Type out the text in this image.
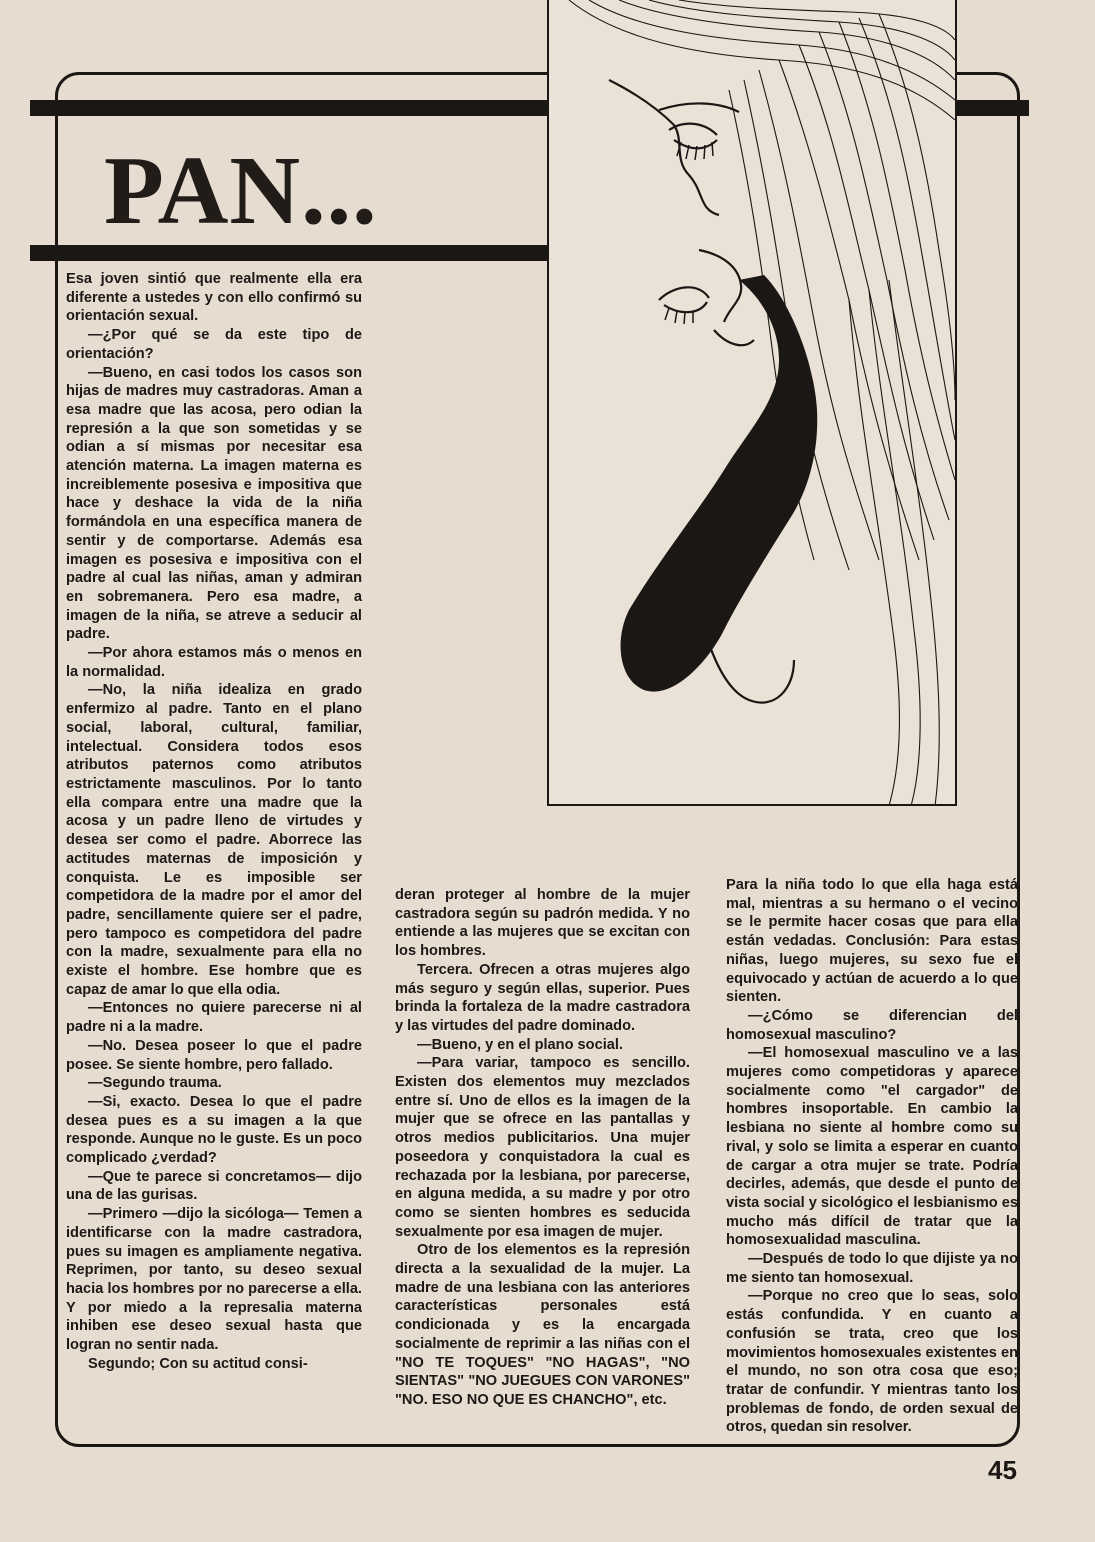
PAN...

Esa joven sintió que realmente ella era diferente a ustedes y con ello confirmó su orientación sexual.

—¿Por qué se da este tipo de orientación?

—Bueno, en casi todos los casos son hijas de madres muy castradoras. Aman a esa madre que las acosa, pero odian la represión a la que son sometidas y se odian a sí mismas por necesitar esa atención materna. La imagen materna es increiblemente posesiva e impositiva que hace y deshace la vida de la niña formándola en una específica manera de sentir y de comportarse. Además esa imagen es posesiva e impositiva con el padre al cual las niñas, aman y admiran en sobremanera. Pero esa madre, a imagen de la niña, se atreve a seducir al padre.

—Por ahora estamos más o menos en la normalidad.

—No, la niña idealiza en grado enfermizo al padre. Tanto en el plano social, laboral, cultural, familiar, intelectual. Considera todos esos atributos paternos como atributos estrictamente masculinos. Por lo tanto ella compara entre una madre que la acosa y un padre lleno de virtudes y desea ser como el padre. Aborrece las actitudes maternas de imposición y conquista. Le es imposible ser competidora de la madre por el amor del padre, sencillamente quiere ser el padre, pero tampoco es competidora del padre con la madre, sexualmente para ella no existe el hombre. Ese hombre que es capaz de amar lo que ella odia.

—Entonces no quiere parecerse ni al padre ni a la madre.

—No. Desea poseer lo que el padre posee. Se siente hombre, pero fallado.

—Segundo trauma.

—Si, exacto. Desea lo que el padre desea pues es a su imagen a la que responde. Aunque no le guste. Es un poco complicado ¿verdad?

—Que te parece si concretamos— dijo una de las gurisas.

—Primero —dijo la sicóloga— Temen a identificarse con la madre castradora, pues su imagen es ampliamente negativa. Reprimen, por tanto, su deseo sexual hacia los hombres por no parecerse a ella. Y por miedo a la represalia materna inhiben ese deseo sexual hasta que logran no sentir nada.

Segundo; Con su actitud consi-

deran proteger al hombre de la mujer castradora según su padrón medida. Y no entiende a las mujeres que se excitan con los hombres.

Tercera. Ofrecen a otras mujeres algo más seguro y según ellas, superior. Pues brinda la fortaleza de la madre castradora y las virtudes del padre dominado.

—Bueno, y en el plano social.

—Para variar, tampoco es sencillo. Existen dos elementos muy mezclados entre sí. Uno de ellos es la imagen de la mujer que se ofrece en las pantallas y otros medios publicitarios. Una mujer poseedora y conquistadora la cual es rechazada por la lesbiana, por parecerse, en alguna medida, a su madre y por otro como se sienten hombres es seducida sexualmente por esa imagen de mujer.

Otro de los elementos es la represión directa a la sexualidad de la mujer. La madre de una lesbiana con las anteriores características personales está condicionada y es la encargada socialmente de reprimir a las niñas con el "NO TE TOQUES" "NO HAGAS", "NO SIENTAS" "NO JUEGUES CON VARONES" "NO. ESO NO QUE ES CHANCHO", etc.

Para la niña todo lo que ella haga está mal, mientras a su hermano o el vecino se le permite hacer cosas que para ella están vedadas. Conclusión: Para estas niñas, luego mujeres, su sexo fue el equivocado y actúan de acuerdo a lo que sienten.

—¿Cómo se diferencian del homosexual masculino?

—El homosexual masculino ve a las mujeres como competidoras y aparece socialmente como "el cargador" de hombres insoportable. En cambio la lesbiana no siente al hombre como su rival, y solo se limita a esperar en cuanto de cargar a otra mujer se trate. Podría decirles, además, que desde el punto de vista social y sicológico el lesbianismo es mucho más difícil de tratar que la homosexualidad masculina.

—Después de todo lo que dijiste ya no me siento tan homosexual.

—Porque no creo que lo seas, solo estás confundida. Y en cuanto a confusión se trata, creo que los movimientos homosexuales existentes en el mundo, no son otra cosa que eso; tratar de confundir. Y mientras tanto los problemas de fondo, de orden sexual de otros, quedan sin resolver.

45
